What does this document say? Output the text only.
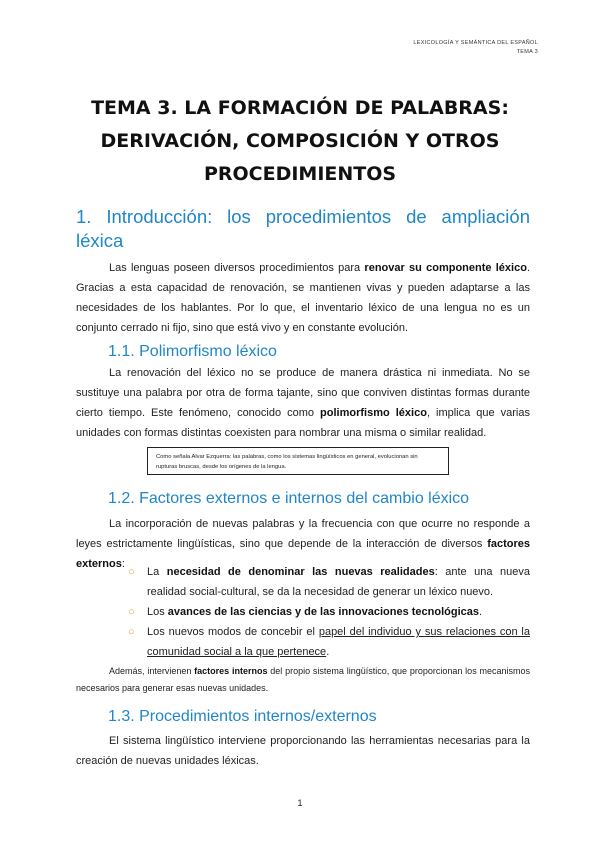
LEXICOLOGÍA Y SEMÁNTICA DEL ESPAÑOL
TEMA 3
TEMA 3. LA FORMACIÓN DE PALABRAS:
DERIVACIÓN, COMPOSICIÓN Y OTROS
PROCEDIMIENTOS
1. Introducción: los procedimientos de ampliación léxica
Las lenguas poseen diversos procedimientos para renovar su componente léxico. Gracias a esta capacidad de renovación, se mantienen vivas y pueden adaptarse a las necesidades de los hablantes. Por lo que, el inventario léxico de una lengua no es un conjunto cerrado ni fijo, sino que está vivo y en constante evolución.
1.1. Polimorfismo léxico
La renovación del léxico no se produce de manera drástica ni inmediata. No se sustituye una palabra por otra de forma tajante, sino que conviven distintas formas durante cierto tiempo. Este fenómeno, conocido como polimorfismo léxico, implica que varias unidades con formas distintas coexisten para nombrar una misma o similar realidad.
Como señala Alvar Ezquerra: las palabras, como los sistemas lingüísticos en general, evolucionan sin rupturas bruscas, desde los orígenes de la lengua.
1.2. Factores externos e internos del cambio léxico
La incorporación de nuevas palabras y la frecuencia con que ocurre no responde a leyes estrictamente lingüísticas, sino que depende de la interacción de diversos factores externos:
○ La necesidad de denominar las nuevas realidades: ante una nueva realidad social-cultural, se da la necesidad de generar un léxico nuevo.
○ Los avances de las ciencias y de las innovaciones tecnológicas.
○ Los nuevos modos de concebir el papel del individuo y sus relaciones con la comunidad social a la que pertenece.
Además, intervienen factores internos del propio sistema lingüístico, que proporcionan los mecanismos necesarios para generar esas nuevas unidades.
1.3. Procedimientos internos/externos
El sistema lingüístico interviene proporcionando las herramientas necesarias para la creación de nuevas unidades léxicas.
1
